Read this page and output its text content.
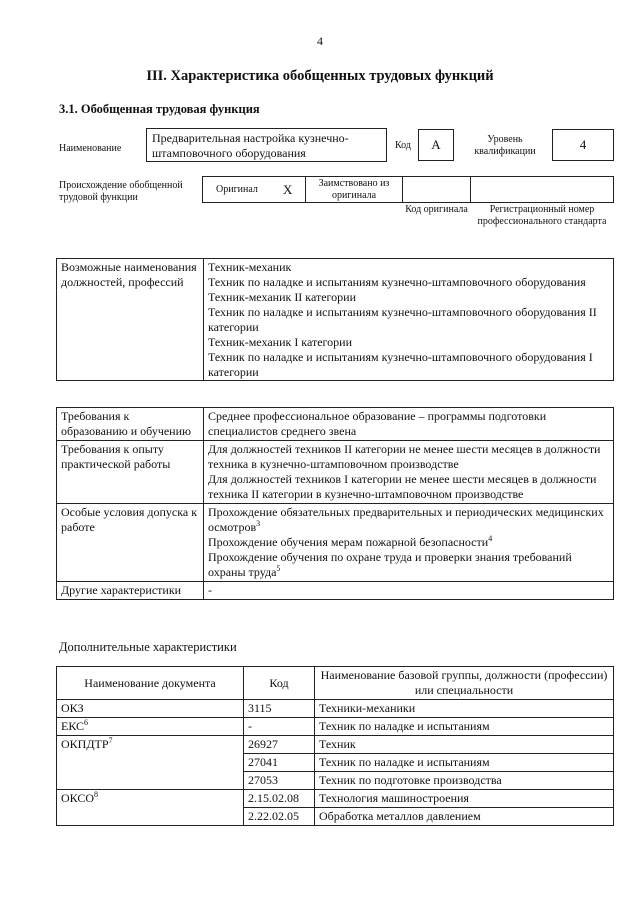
4
III. Характеристика обобщенных трудовых функций
3.1. Обобщенная трудовая функция
Наименование
Предварительная настройка кузнечно-штамповочного оборудования
Код	A	Уровень квалификации	4
Происхождение обобщенной трудовой функции
Оригинал X	Заимствовано из оригинала
Код оригинала	Регистрационный номер профессионального стандарта
Возможные наименования должностей, профессий	
Техник-механик
Техник по наладке и испытаниям кузнечно-штамповочного оборудования
Техник-механик II категории
Техник по наладке и испытаниям кузнечно-штамповочного оборудования II категории
Техник-механик I категории
Техник по наладке и испытаниям кузнечно-штамповочного оборудования I категории
Требования к образованию и обучению	Среднее профессиональное образование – программы подготовки специалистов среднего звена
Требования к опыту практической работы	Для должностей техников II категории не менее шести месяцев в должности техника в кузнечно-штамповочном производстве
Для должностей техников I категории не менее шести месяцев в должности техника II категории в кузнечно-штамповочном производстве

Особые условия допуска к работе	Прохождение обязательных предварительных и периодических медицинских осмотров$^3$
Прохождение обучения мерам пожарной безопасности$^4$
Прохождение обучения по охране труда и проверки знания требований охраны труда$^5$

Другие характеристики	-
Дополнительные характеристики
Наименование документа	Код	Наименование базовой группы, должности (профессии) или специальности
ОКЗ	3115	Техники-механики
ЕКС$^6$	-	Техник по наладке и испытаниям
ОКПДТР$^7$	26927	Техник
	27041	Техник по наладке и испытаниям
	27053	Техник по подготовке производства
ОКСО$^8$	2.15.02.08	Технология машиностроения
	2.22.02.05	Обработка металлов давлением
